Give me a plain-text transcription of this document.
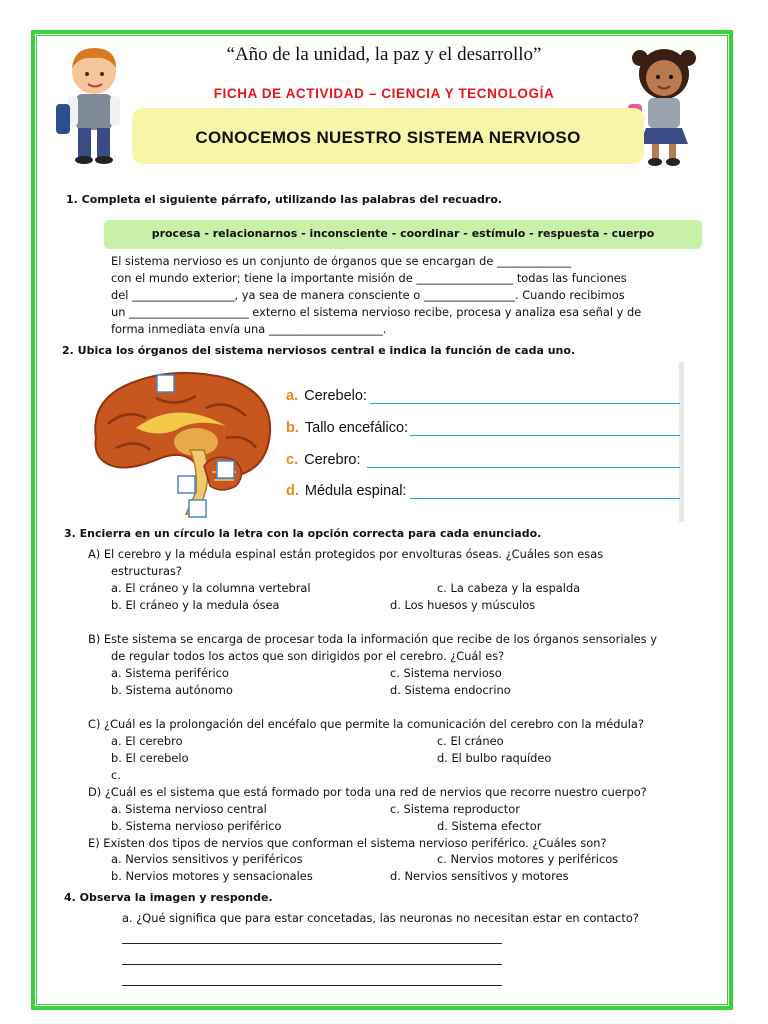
“Año de la unidad, la paz y el desarrollo”
FICHA DE ACTIVIDAD – CIENCIA Y TECNOLOGÍA
CONOCEMOS NUESTRO SISTEMA NERVIOSO
1. Completa el siguiente párrafo, utilizando las palabras del recuadro.
procesa - relacionarnos - inconsciente - coordinar - estímulo - respuesta - cuerpo
El sistema nervioso es un conjunto de órganos que se encargan de _____________
con el mundo exterior; tiene la importante misión de _________________ todas las funciones
del __________________, ya sea de manera consciente o ________________. Cuando recibimos
un _____________________ externo el sistema nervioso recibe, procesa y analiza esa señal y de
forma inmediata envía una ____________________.
2. Ubica los órganos del sistema nerviosos central e indica la función de cada uno.
a. Cerebelo:
b. Tallo encefálico:
c. Cerebro:
d. Médula espinal:
3. Encierra en un círculo la letra con la opción correcta para cada enunciado.
A) El cerebro y la médula espinal están protegidos por envolturas óseas. ¿Cuáles son esas
estructuras?
a. El cráneo y la columna vertebral	c. La cabeza y la espalda
b. El cráneo y la medula ósea	d. Los huesos y músculos
B) Este sistema se encarga de procesar toda la información que recibe de los órganos sensoriales y
de regular todos los actos que son dirigidos por el cerebro. ¿Cuál es?
a. Sistema periférico	c. Sistema nervioso
b. Sistema autónomo	d. Sistema endocrino
C) ¿Cuál es la prolongación del encéfalo que permite la comunicación del cerebro con la médula?
a. El cerebro	c. El cráneo
b. El cerebelo	d. El bulbo raquídeo
c.
D) ¿Cuál es el sistema que está formado por toda una red de nervios que recorre nuestro cuerpo?
a. Sistema nervioso central	c. Sistema reproductor
b. Sistema nervioso periférico	d. Sistema efector
E) Existen dos tipos de nervios que conforman el sistema nervioso periférico. ¿Cuáles son?
a. Nervios sensitivos y periféricos	c. Nervios motores y periféricos
b. Nervios motores y sensacionales	d. Nervios sensitivos y motores
4. Observa la imagen y responde.
a. ¿Qué significa que para estar concetadas, las neuronas no necesitan estar en contacto?
